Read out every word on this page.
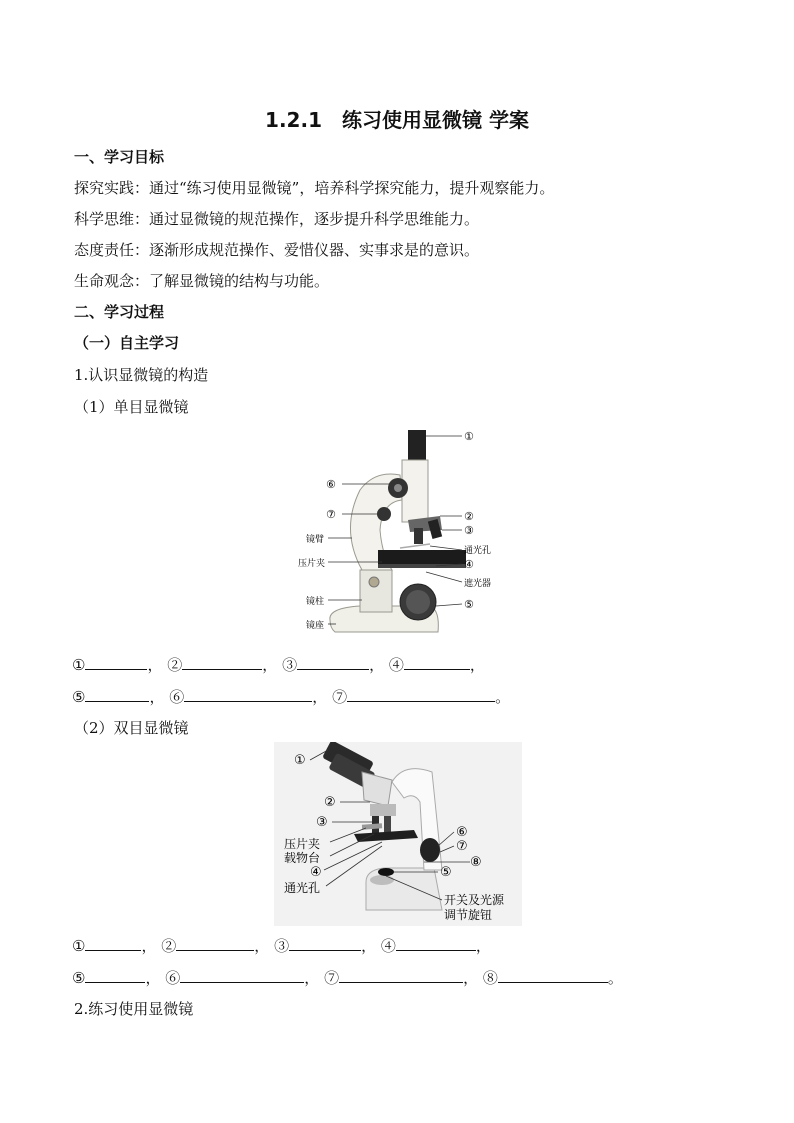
1.2.1　练习使用显微镜 学案
一、学习目标
探究实践：通过“练习使用显微镜”，培养科学探究能力，提升观察能力。
科学思维：通过显微镜的规范操作，逐步提升科学思维能力。
态度责任：逐渐形成规范操作、爱惜仪器、实事求是的意识。
生命观念：了解显微镜的结构与功能。
二、学习过程
（一）自主学习
1.认识显微镜的构造
（1）单目显微镜
①
⑥
⑦	②
③
通光孔
④
遮光器
⑤
镜臂
压片夹
镜柱
镜座
①	， ②	， ③	， ④	，
⑤	， ⑥	， ⑦	。
（2）双目显微镜
①
②
③
压片夹
载物台
④
通光孔
⑥
⑦
⑧
⑤
开关及光源
调节旋钮
①	， ②	， ③	， ④	，
⑤	， ⑥	， ⑦	， ⑧	。
2.练习使用显微镜
